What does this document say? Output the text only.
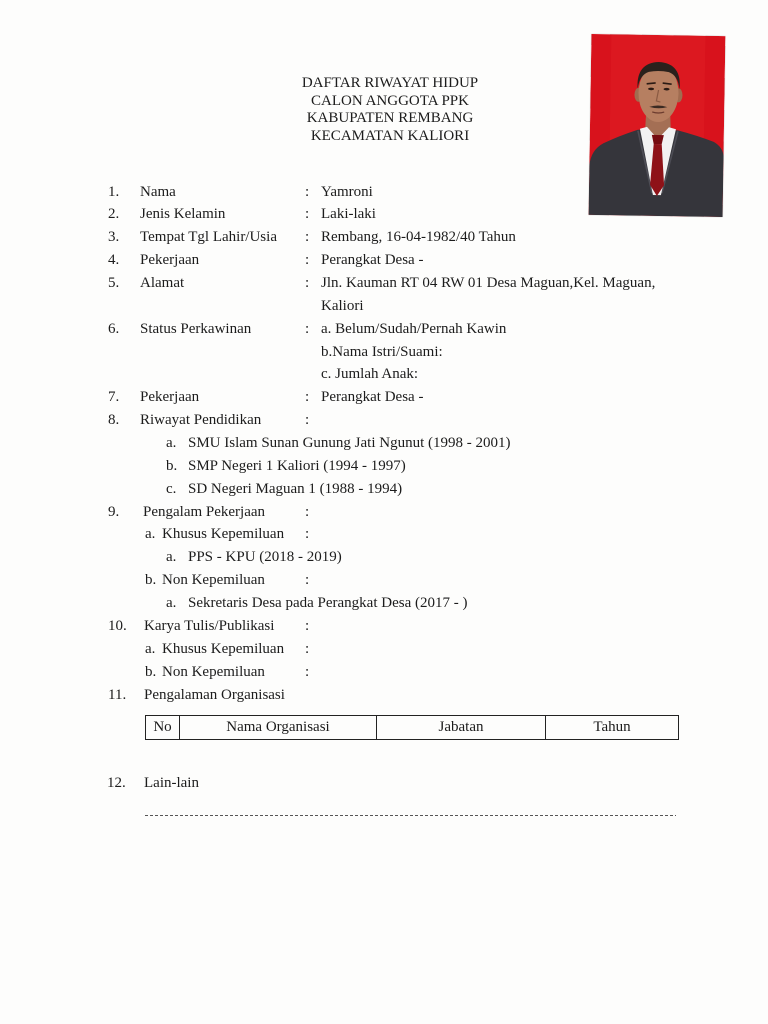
DAFTAR RIWAYAT HIDUP
CALON ANGGOTA PPK
KABUPATEN REMBANG
KECAMATAN KALIORI
1. Nama	: Yamroni
2. Jenis Kelamin	: Laki-laki
3. Tempat Tgl Lahir/Usia : Rembang, 16-04-1982/40 Tahun
4. Pekerjaan	: Perangkat Desa -
5. Alamat	: Jln. Kauman RT 04 RW 01 Desa Maguan,Kel. Maguan,
Kaliori
6. Status Perkawinan	: a. Belum/Sudah/Pernah Kawin
b.Nama Istri/Suami:
c. Jumlah Anak:
7. Pekerjaan	: Perangkat Desa -
8. Riwayat Pendidikan	:
a. SMU Islam Sunan Gunung Jati Ngunut (1998 - 2001)
b. SMP Negeri 1 Kaliori (1994 - 1997)
c. SD Negeri Maguan 1 (1988 - 1994)
9. Pengalam Pekerjaan	:
a. Khusus Kepemiluan :
a. PPS - KPU (2018 - 2019)
b. Non Kepemiluan	:
a. Sekretaris Desa pada Perangkat Desa (2017 - )
10. Karya Tulis/Publikasi :
a. Khusus Kepemiluan :
b. Non Kepemiluan	:
11. Pengalaman Organisasi
No	Nama Organisasi	Jabatan	Tahun
12. Lain-lain
